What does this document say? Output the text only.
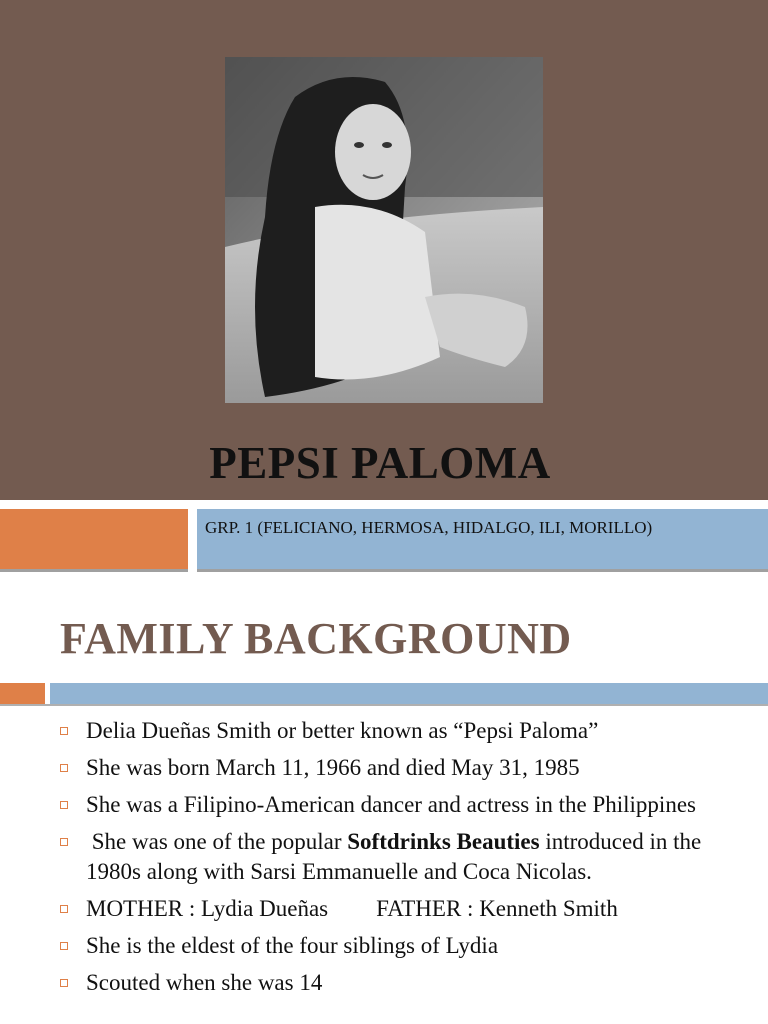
PEPSI PALOMA
GRP. 1 (FELICIANO, HERMOSA, HIDALGO, ILI, MORILLO)
FAMILY BACKGROUND
Delia Dueñas Smith or better known as “Pepsi Paloma”
She was born March 11, 1966 and died May 31, 1985
She was a Filipino-American dancer and actress in the Philippines
She was one of the popular Softdrinks Beauties introduced in the 1980s along with Sarsi Emmanuelle and Coca Nicolas.
MOTHER : Lydia Dueñas FATHER : Kenneth Smith
She is the eldest of the four siblings of Lydia
Scouted when she was 14
